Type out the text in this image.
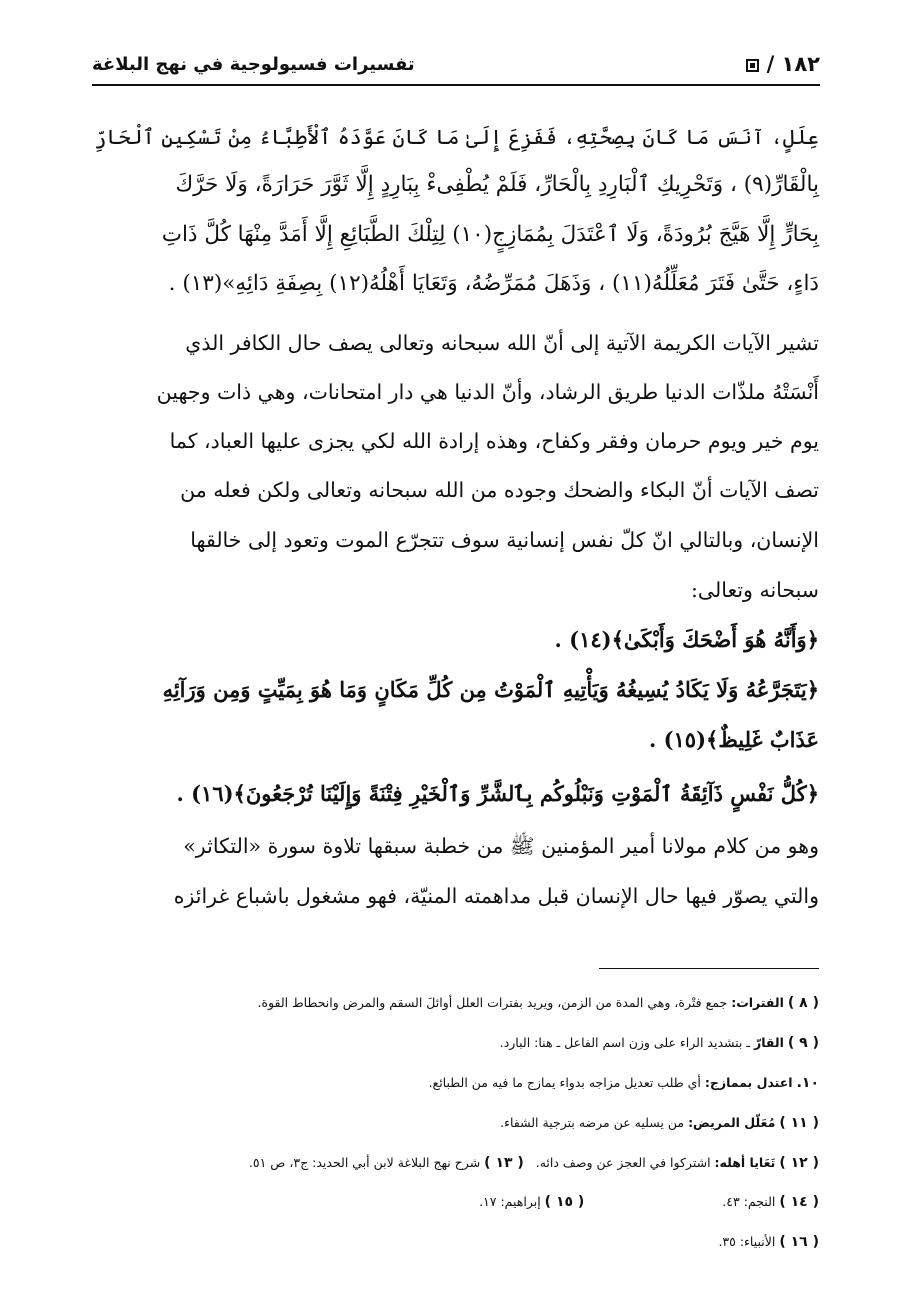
١٨٢ /
تفسيرات فسيولوجية في نهج البلاغة
عِلَلٍ، آنَسَ مَا كَانَ بِصِحَّتِهِ، فَفَزِعَ إِلَىٰ مَا كَانَ عَوَّدَهُ ٱلْأَطِبَّاءُ مِنْ تَسْكِينِ ٱلْحَارِّ
بِالْقَارِّ(٩) ، وَتَحْرِيكِ ٱلْبَارِدِ بِالْحَارِّ، فَلَمْ يُطْفِىءْ بِبَارِدٍ إِلَّا ثَوَّرَ حَرَارَةً، وَلَا حَرَّكَ
بِحَارٍّ إِلَّا هَيَّجَ بُرُودَةً، وَلَا ٱعْتَدَلَ بِمُمَازِجٍ(١٠) لِتِلْكَ الطَّبَائِعِ إِلَّا أَمَدَّ مِنْهَا كُلَّ ذَاتِ
دَاءٍ، حَتَّىٰ فَتَرَ مُعَلِّلُهُ(١١) ، وَذَهَلَ مُمَرِّضُهُ، وَتَعَايَا أَهْلُهُ(١٢) بِصِفَةِ دَائِهِ»(١٣) .
تشير الآيات الكريمة الآتية إلى أنّ الله سبحانه وتعالى يصف حال الكافر الذي
أَنْسَتْهُ ملذّات الدنيا طريق الرشاد، وأنّ الدنيا هي دار امتحانات، وهي ذات وجهين
يوم خير ويوم حرمان وفقر وكفاح، وهذه إرادة الله لكي يجزى عليها العباد، كما
تصف الآيات أنّ البكاء والضحك وجوده من الله سبحانه وتعالى ولكن فعله من
الإنسان، وبالتالي انّ كلّ نفس إنسانية سوف تتجرّع الموت وتعود إلى خالقها
سبحانه وتعالى:
﴿وَأَنَّهُ هُوَ أَضْحَكَ وَأَبْكَىٰ﴾(١٤) .
﴿يَتَجَرَّعُهُ وَلَا يَكَادُ يُسِيغُهُ وَيَأْتِيهِ ٱلْمَوْتُ مِن كُلِّ مَكَانٍ وَمَا هُوَ بِمَيِّتٍ وَمِن وَرَآئِهِ
عَذَابٌ غَلِيظٌ﴾(١٥) .
﴿كُلُّ نَفْسٍ ذَآئِقَةُ ٱلْمَوْتِ وَنَبْلُوكُم بِٱلشَّرِّ وَٱلْخَيْرِ فِتْنَةً وَإِلَيْنَا تُرْجَعُونَ﴾(١٦) .
وهو من كلام مولانا أمير المؤمنين ﷺ من خطبة سبقها تلاوة سورة «التكاثر»
والتي يصوّر فيها حال الإنسان قبل مداهمته المنيّة، فهو مشغول باشباع غرائزه
( ٨ ) الفترات: جمع فتْرة، وهي المدة من الزمن، ويريد بفترات العلل أوائلَ السقم والمرض وانحطاط القوة.
( ٩ ) القارّ ـ بتشديد الراء على وزن اسم الفاعل ـ هنا: البارد.
١٠. اعتدل بممازج: أي طلب تعديل مزاجه بدواء يمازج ما فيه من الطبائع.
( ١١ ) مُعَلّل المريض: من يسليه عن مرضه بترجية الشفاء.
( ١٢ ) تَعَايا أهله: اشتركوا في العجز عن وصف دائه.   ( ١٣ ) شرح نهج البلاغة لابن أبي الحديد: ج٣، ص ٥١.
( ١٤ ) النجم: ٤٣.  ( ١٥ ) إبراهيم: ١٧.
( ١٦ ) الأنبياء: ٣٥.
